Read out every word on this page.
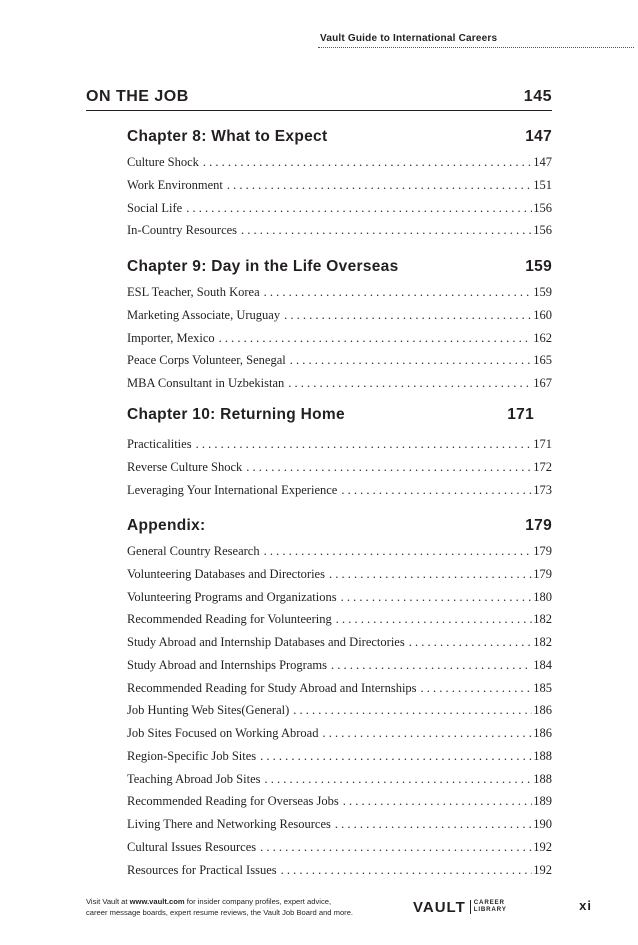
Vault Guide to International Careers
ON THE JOB	145
Chapter 8: What to Expect	147
Culture Shock . . .	147
Work Environment . . .	151
Social Life . . .	156
In-Country Resources . . .	156
Chapter 9: Day in the Life Overseas	159
ESL Teacher, South Korea . . .	159
Marketing Associate, Uruguay . . .	160
Importer, Mexico . . .	162
Peace Corps Volunteer, Senegal . . .	165
MBA Consultant in Uzbekistan . . .	167
Chapter 10: Returning Home	171
Practicalities . . .	171
Reverse Culture Shock . . .	172
Leveraging Your International Experience . . .	173
Appendix:	179
General Country Research . . .	179
Volunteering Databases and Directories . . .	179
Volunteering Programs and Organizations . . .	180
Recommended Reading for Volunteering . . .	182
Study Abroad and Internship Databases and Directories . . .	182
Study Abroad and Internships Programs . . .	184
Recommended Reading for Study Abroad and Internships . . .	185
Job Hunting Web Sites(General) . . .	186
Job Sites Focused on Working Abroad . . .	186
Region-Specific Job Sites . . .	188
Teaching Abroad Job Sites . . .	188
Recommended Reading for Overseas Jobs . . .	189
Living There and Networking Resources . . .	190
Cultural Issues Resources . . .	192
Resources for Practical Issues . . .	192
Visit Vault at www.vault.com for insider company profiles, expert advice,
career message boards, expert resume reviews, the Vault Job Board and more.	VAULT CAREER
LIBRARY	xi
